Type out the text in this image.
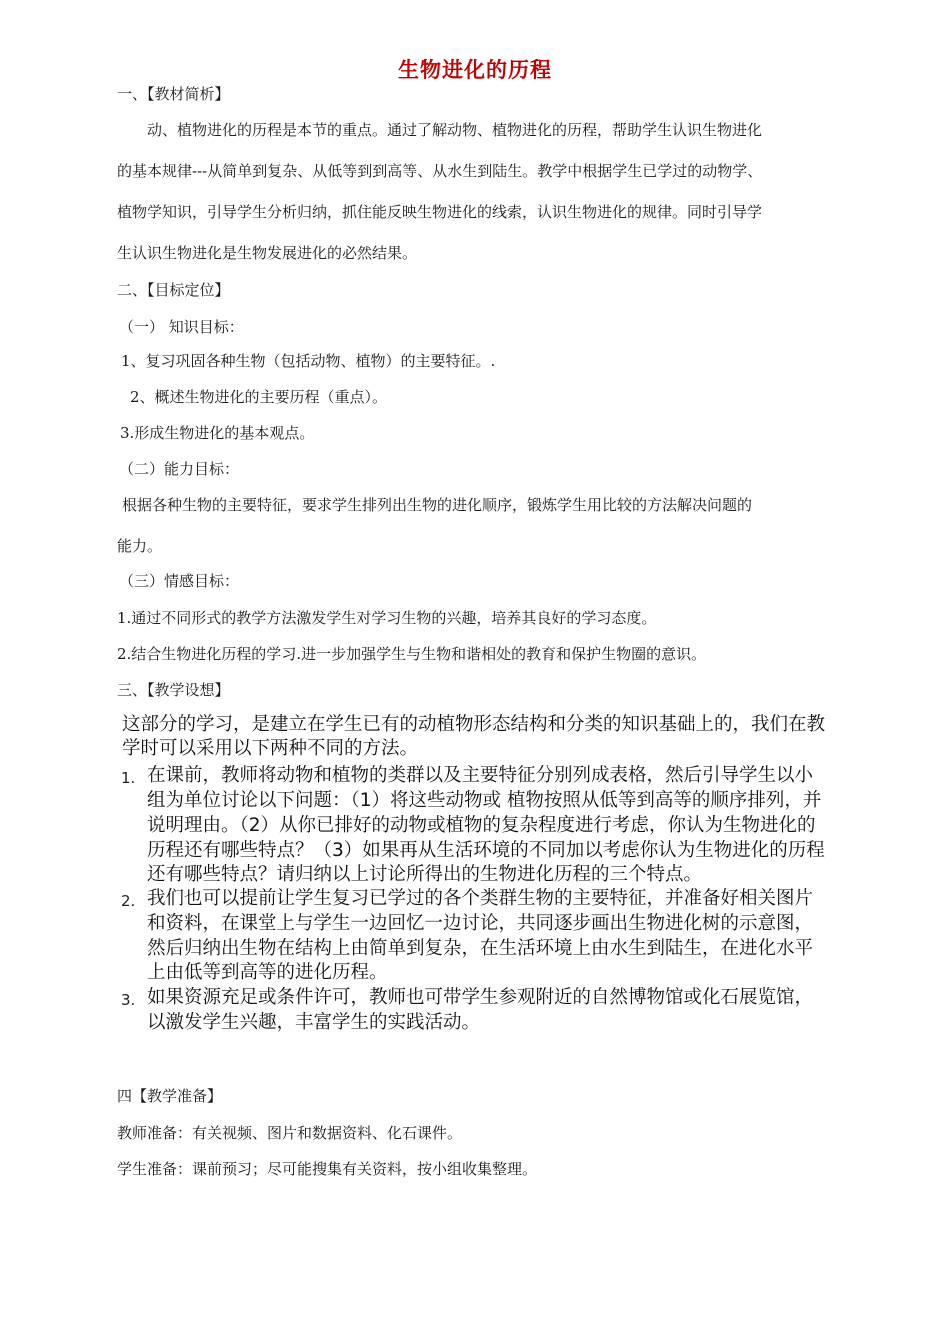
生物进化的历程
一、【教材简析】
动、植物进化的历程是本节的重点。通过了解动物、植物进化的历程，帮助学生认识生物进化
的基本规律---从简单到复杂、从低等到到高等、从水生到陆生。教学中根据学生已学过的动物学、
植物学知识，引导学生分析归纳，抓住能反映生物进化的线索，认识生物进化的规律。同时引导学
生认识生物进化是生物发展进化的必然结果。
二、【目标定位】
（一） 知识目标：
1、复习巩固各种生物（包括动物、植物）的主要特征。.
2、概述生物进化的主要历程（重点）。
3.形成生物进化的基本观点。
（二）能力目标：
根据各种生物的主要特征，要求学生排列出生物的进化顺序，锻炼学生用比较的方法解决问题的
能力。
（三）情感目标：
1.通过不同形式的教学方法激发学生对学习生物的兴趣，培养其良好的学习态度。
2.结合生物进化历程的学习.进一步加强学生与生物和谐相处的教育和保护生物圈的意识。
三、【教学设想】
这部分的学习，是建立在学生已有的动植物形态结构和分类的知识基础上的，我们在教
学时可以采用以下两种不同的方法。
1. 在课前，教师将动物和植物的类群以及主要特征分别列成表格，然后引导学生以小
组为单位讨论以下问题：（1）将这些动物或 植物按照从低等到高等的顺序排列，并
说明理由。（2）从你已排好的动物或植物的复杂程度进行考虑，你认为生物进化的
历程还有哪些特点？（3）如果再从生活环境的不同加以考虑你认为生物进化的历程
还有哪些特点？请归纳以上讨论所得出的生物进化历程的三个特点。
2. 我们也可以提前让学生复习已学过的各个类群生物的主要特征，并准备好相关图片
和资料，在课堂上与学生一边回忆一边讨论，共同逐步画出生物进化树的示意图，
然后归纳出生物在结构上由简单到复杂，在生活环境上由水生到陆生，在进化水平
上由低等到高等的进化历程。
3. 如果资源充足或条件许可，教师也可带学生参观附近的自然博物馆或化石展览馆，
以激发学生兴趣，丰富学生的实践活动。
四【教学准备】
教师准备：有关视频、图片和数据资料、化石课件。
学生准备：课前预习；尽可能搜集有关资料，按小组收集整理。
